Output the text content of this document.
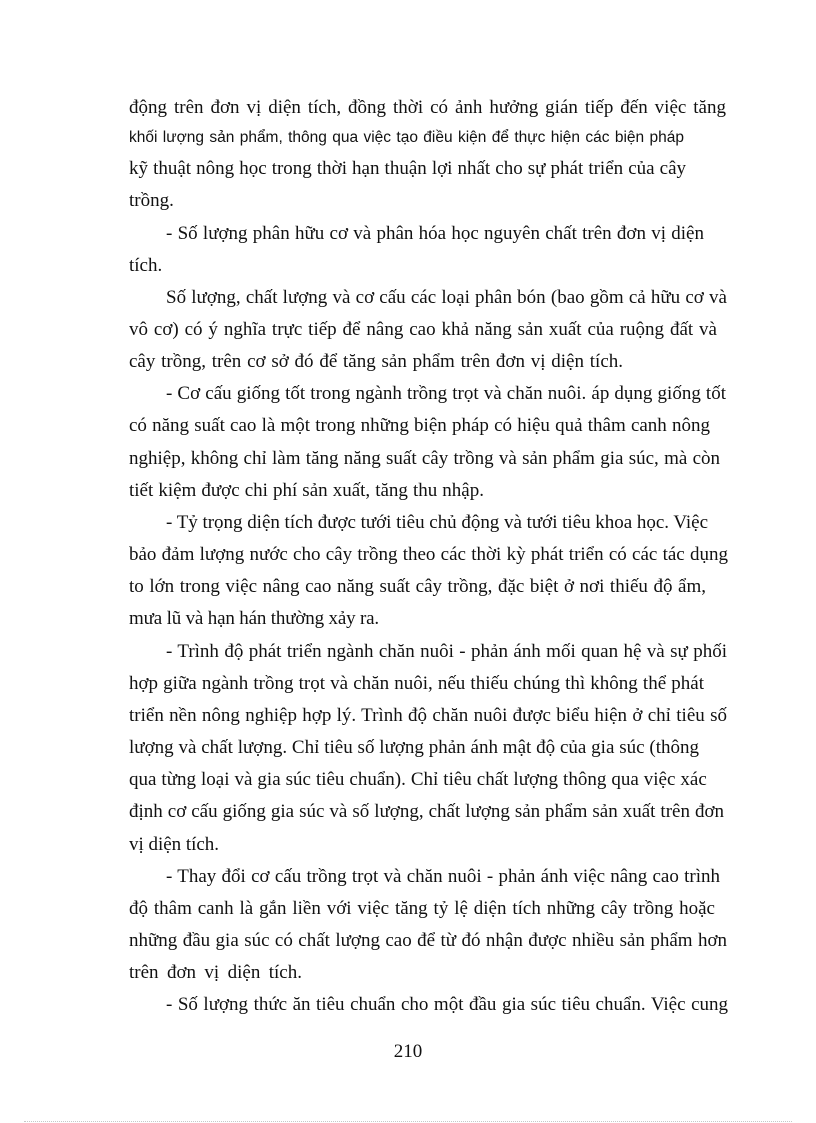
động trên đơn vị diện tích, đồng thời có ảnh hưởng gián tiếp đến việc tăng
khối lượng sản phẩm, thông qua việc tạo điều kiện để thực hiện các biện pháp
kỹ thuật nông học trong thời hạn thuận lợi nhất cho sự phát triển của cây
trồng.
- Số lượng phân hữu cơ và phân hóa học nguyên chất trên đơn vị diện
tích.
Số lượng, chất lượng và cơ cấu các loại phân bón (bao gồm cả hữu cơ và
vô cơ) có ý nghĩa trực tiếp để nâng cao khả năng sản xuất của ruộng đất và
cây trồng, trên cơ sở đó để tăng sản phẩm trên đơn vị diện tích.
- Cơ cấu giống tốt trong ngành trồng trọt và chăn nuôi. áp dụng giống tốt
có năng suất cao là một trong những biện pháp có hiệu quả thâm canh nông
nghiệp, không chỉ làm tăng năng suất cây trồng và sản phẩm gia súc, mà còn
tiết kiệm được chi phí sản xuất, tăng thu nhập.
- Tỷ trọng diện tích được tưới tiêu chủ động và tưới tiêu khoa học. Việc
bảo đảm lượng nước cho cây trồng theo các thời kỳ phát triển có các tác dụng
to lớn trong việc nâng cao năng suất cây trồng, đặc biệt ở nơi thiếu độ ẩm,
mưa lũ và hạn hán thường xảy ra.
- Trình độ phát triển ngành chăn nuôi - phản ánh mối quan hệ và sự phối
hợp giữa ngành trồng trọt và chăn nuôi, nếu thiếu chúng thì không thể phát
triển nền nông nghiệp hợp lý. Trình độ chăn nuôi được biểu hiện ở chỉ tiêu số
lượng và chất lượng. Chỉ tiêu số lượng phản ánh mật độ của gia súc (thông
qua từng loại và gia súc tiêu chuẩn). Chỉ tiêu chất lượng thông qua việc xác
định cơ cấu giống gia súc và số lượng, chất lượng sản phẩm sản xuất trên đơn
vị diện tích.
- Thay đổi cơ cấu trồng trọt và chăn nuôi - phản ánh việc nâng cao trình
độ thâm canh là gắn liền với việc tăng tỷ lệ diện tích những cây trồng hoặc
những đầu gia súc có chất lượng cao để từ đó nhận được nhiều sản phẩm hơn
trên đơn vị diện tích.
- Số lượng thức ăn tiêu chuẩn cho một đầu gia súc tiêu chuẩn. Việc cung
210
